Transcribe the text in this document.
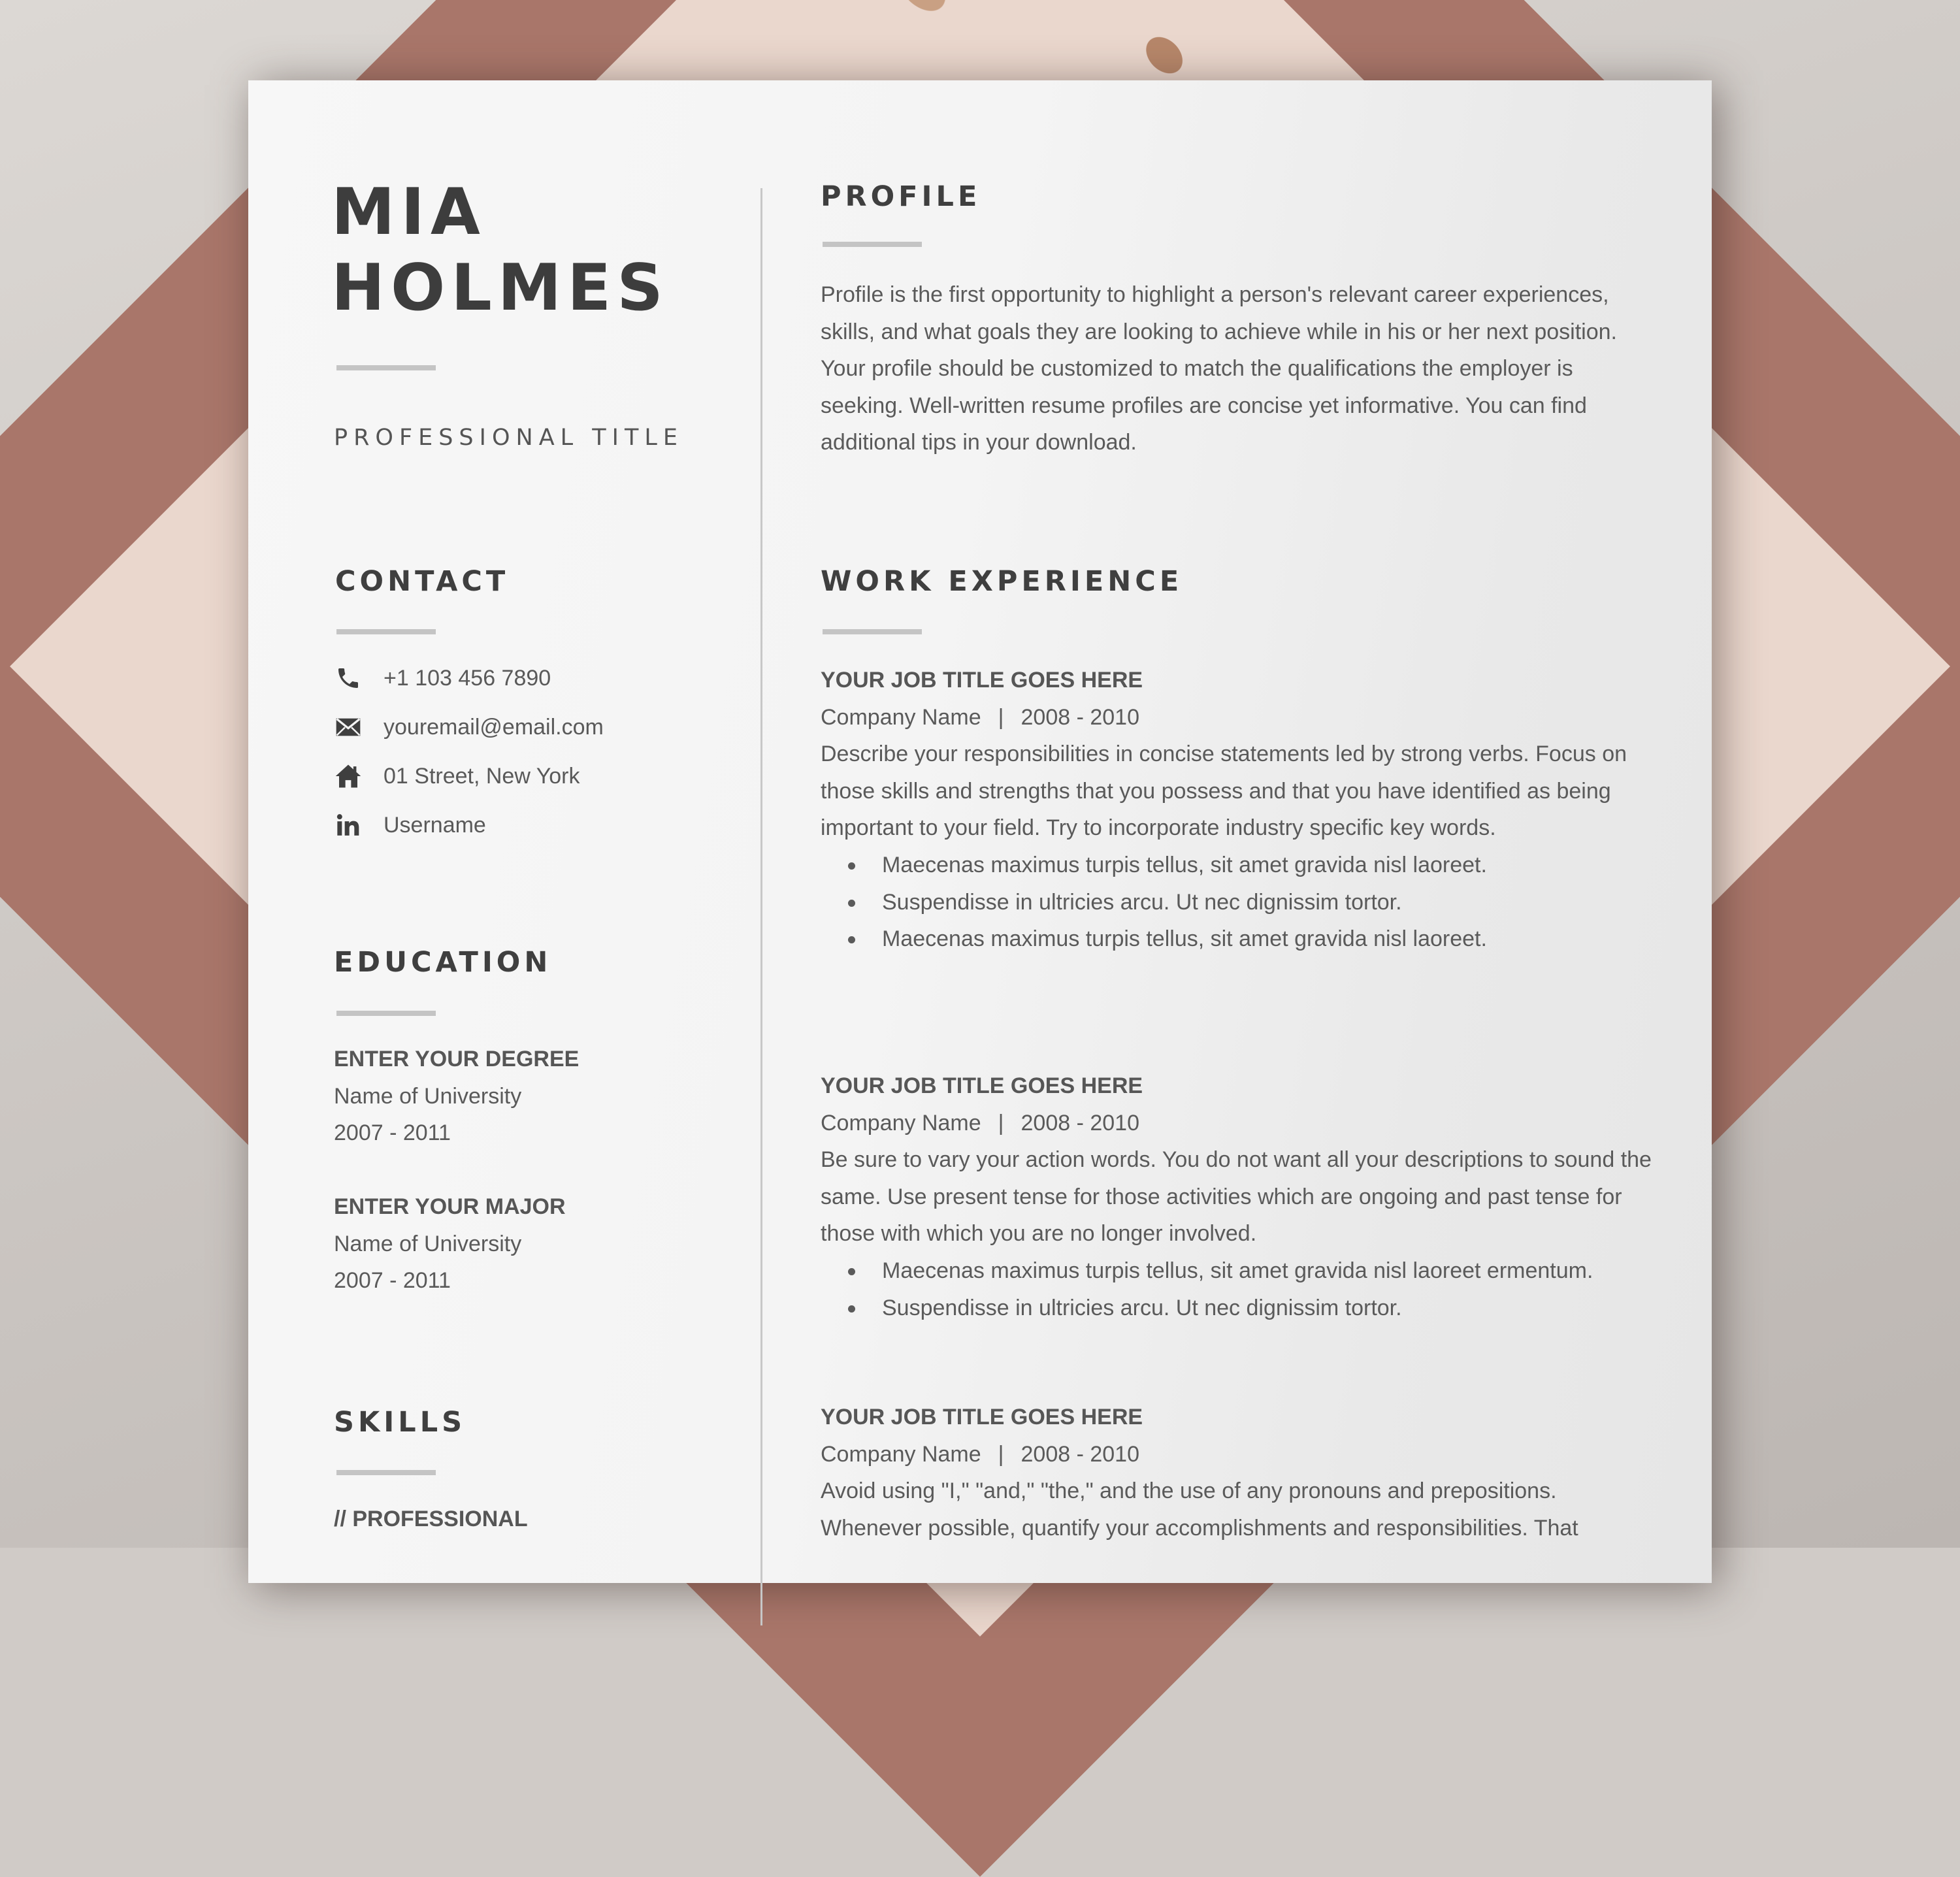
MIA
HOLMES
PROFESSIONAL TITLE
CONTACT
+1 103 456 7890
youremail@email.com
01 Street, New York
Username
EDUCATION
ENTER YOUR DEGREE
Name of University
2007 - 2011
ENTER YOUR MAJOR
Name of University
2007 - 2011
SKILLS
// PROFESSIONAL
PROFILE

Profile is the first opportunity to highlight a person's relevant career experiences, skills, and what goals they are looking to achieve while in his or her next position. Your profile should be customized to match the qualifications the employer is seeking. Well-written resume profiles are concise yet informative. You can find additional tips in your download.

WORK EXPERIENCE
YOUR JOB TITLE GOES HERE
Company Name | 2008 - 2010

Describe your responsibilities in concise statements led by strong verbs. Focus on those skills and strengths that you possess and that you have identified as being important to your field. Try to incorporate industry specific key words.

Maecenas maximus turpis tellus, sit amet gravida nisl laoreet.
Suspendisse in ultricies arcu. Ut nec dignissim tortor.
Maecenas maximus turpis tellus, sit amet gravida nisl laoreet.
YOUR JOB TITLE GOES HERE
Company Name | 2008 - 2010

Be sure to vary your action words. You do not want all your descriptions to sound the same. Use present tense for those activities which are ongoing and past tense for those with which you are no longer involved.

Maecenas maximus turpis tellus, sit amet gravida nisl laoreet ermentum.
Suspendisse in ultricies arcu. Ut nec dignissim tortor.
YOUR JOB TITLE GOES HERE
Company Name | 2008 - 2010

Avoid using "I," "and," "the," and the use of any pronouns and prepositions. Whenever possible, quantify your accomplishments and responsibilities. That
